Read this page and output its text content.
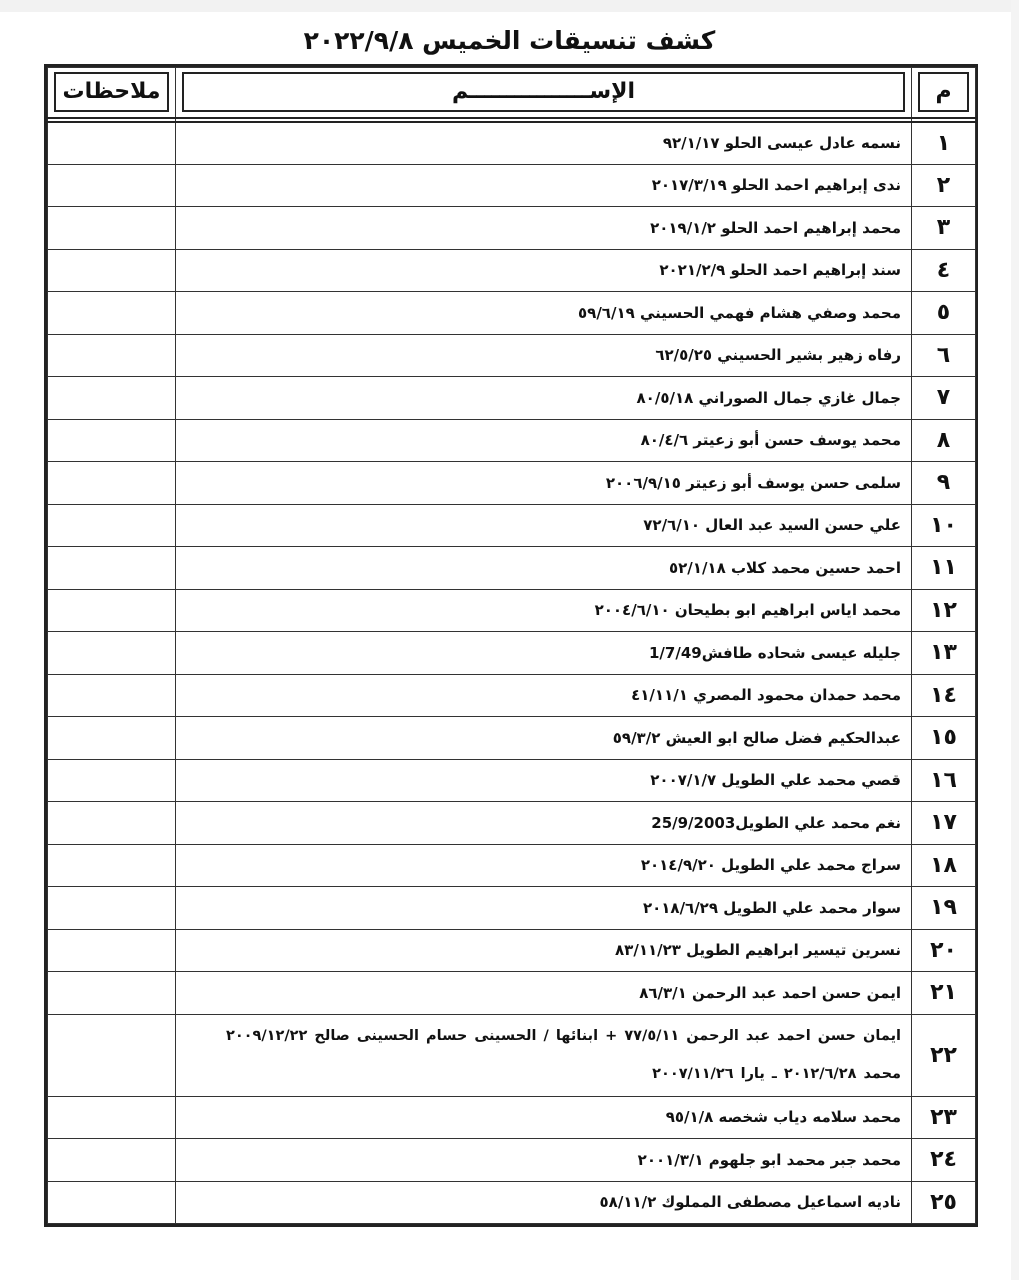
كشف تنسيقات الخميس ٢٠٢٢/٩/٨
م	الإســــــــــــــــم	ملاحظات

١	نسمه عادل عيسى الحلو ٩٢/١/١٧	
٢	ندى إبراهيم احمد الحلو ٢٠١٧/٣/١٩	
٣	محمد إبراهيم احمد الحلو ٢٠١٩/١/٢	
٤	سند إبراهيم احمد الحلو ٢٠٢١/٢/٩	
٥	محمد وصفي هشام فهمي الحسيني ٥٩/٦/١٩	
٦	رفاه زهير بشير الحسيني ٦٢/٥/٢٥	
٧	جمال غازي جمال الصوراني ٨٠/٥/١٨	
٨	محمد يوسف حسن أبو زعيتر ٨٠/٤/٦	
٩	سلمى حسن يوسف أبو زعيتر ٢٠٠٦/٩/١٥	
١٠	علي حسن السيد عبد العال ٧٢/٦/١٠	
١١	احمد حسين محمد كلاب ٥٢/١/١٨	
١٢	محمد اياس ابراهيم ابو بطيحان ٢٠٠٤/٦/١٠	
١٣	جليله عيسى شحاده طافش1/7/49	
١٤	محمد حمدان محمود المصري ٤١/١١/١	
١٥	عبدالحكيم فضل صالح ابو العيش ٥٩/٣/٢	
١٦	قصي محمد علي الطويل ٢٠٠٧/١/٧	
١٧	نغم محمد علي الطويل25/9/2003	
١٨	سراج محمد علي الطويل ٢٠١٤/٩/٢٠	
١٩	سوار محمد علي الطويل ٢٠١٨/٦/٢٩	
٢٠	نسرين تيسير ابراهيم الطويل ٨٣/١١/٢٣	
٢١	ايمن حسن احمد عبد الرحمن ٨٦/٣/١	
٢٢	ايمان حسن احمد عبد الرحمن ٧٧/٥/١١ + ابنائها / الحسينى حسام الحسينى صالح ٢٠٠٩/١٢/٢٢ محمد ٢٠١٢/٦/٢٨ ـ يارا ٢٠٠٧/١١/٢٦	
٢٣	محمد سلامه دياب شخصه ٩٥/١/٨	
٢٤	محمد جبر محمد ابو جلهوم ٢٠٠١/٣/١	
٢٥	ناديه اسماعيل مصطفى المملوك ٥٨/١١/٢	
